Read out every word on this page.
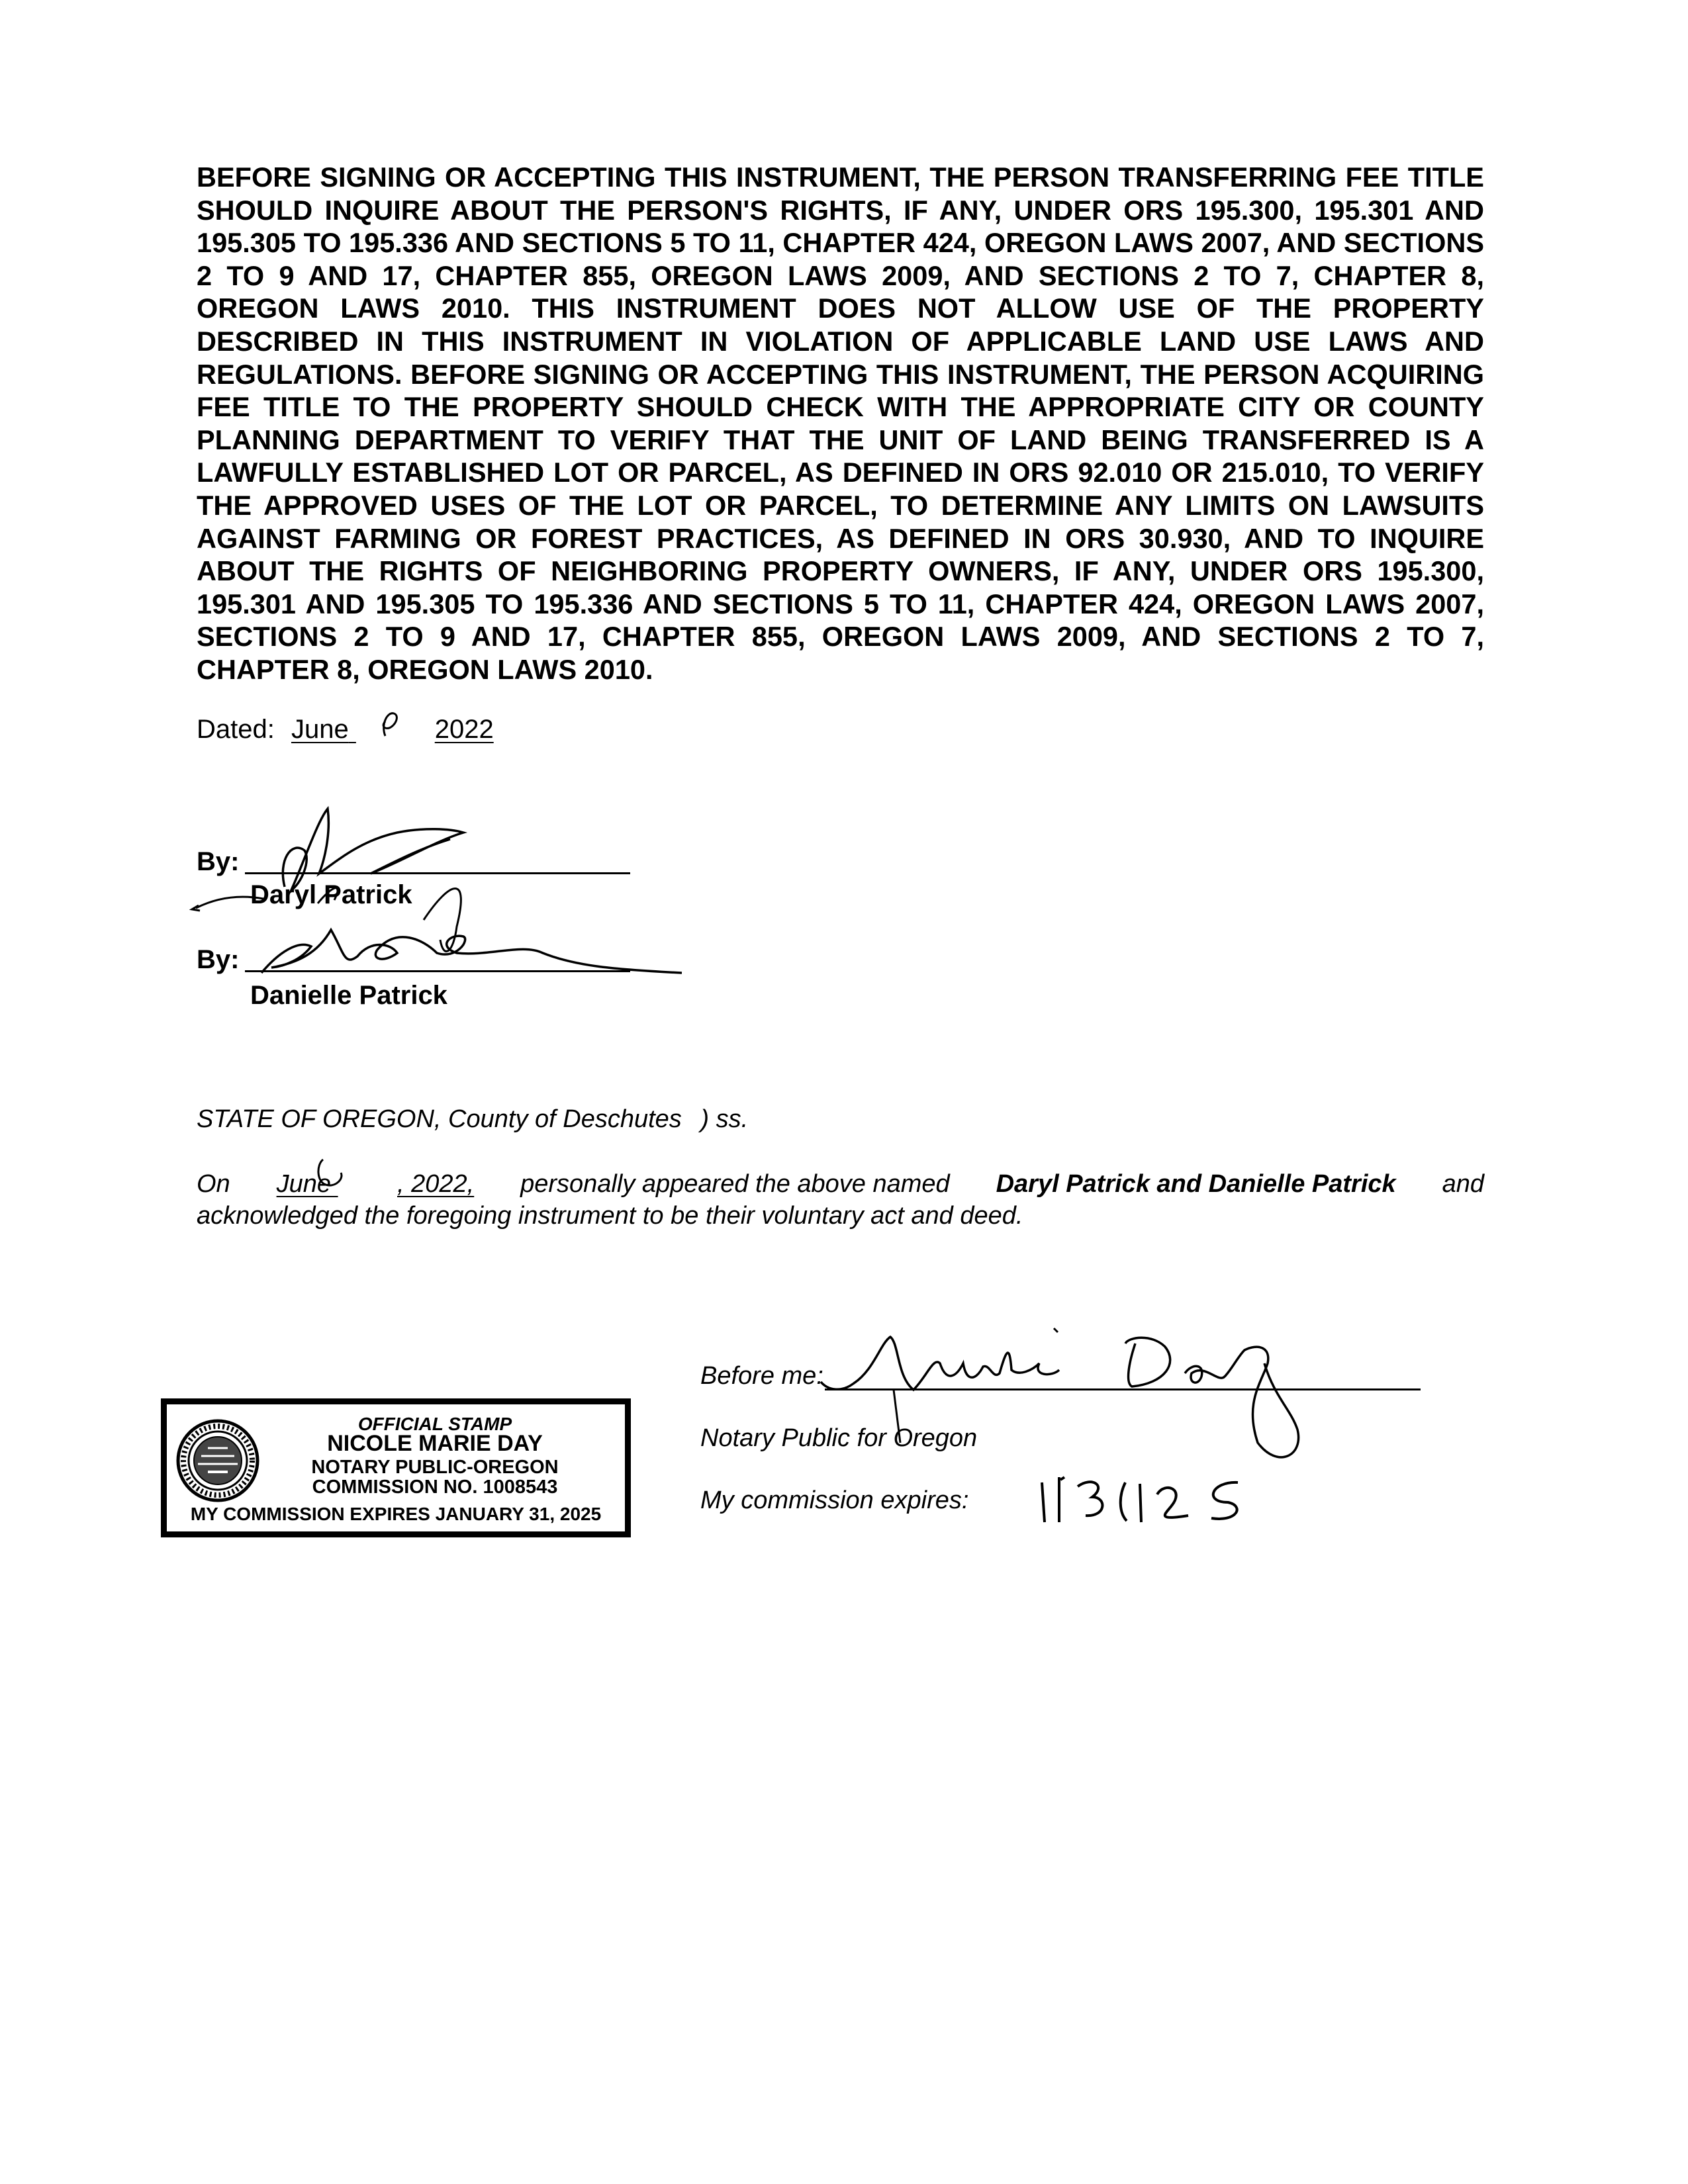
BEFORE SIGNING OR ACCEPTING THIS INSTRUMENT, THE PERSON TRANSFERRING FEE TITLE SHOULD INQUIRE ABOUT THE PERSON'S RIGHTS, IF ANY, UNDER ORS 195.300, 195.301 AND 195.305 TO 195.336 AND SECTIONS 5 TO 11, CHAPTER 424, OREGON LAWS 2007, AND SECTIONS 2 TO 9 AND 17, CHAPTER 855, OREGON LAWS 2009, AND SECTIONS 2 TO 7, CHAPTER 8, OREGON LAWS 2010. THIS INSTRUMENT DOES NOT ALLOW USE OF THE PROPERTY DESCRIBED IN THIS INSTRUMENT IN VIOLATION OF APPLICABLE LAND USE LAWS AND REGULATIONS. BEFORE SIGNING OR ACCEPTING THIS INSTRUMENT, THE PERSON ACQUIRING FEE TITLE TO THE PROPERTY SHOULD CHECK WITH THE APPROPRIATE CITY OR COUNTY PLANNING DEPARTMENT TO VERIFY THAT THE UNIT OF LAND BEING TRANSFERRED IS A LAWFULLY ESTABLISHED LOT OR PARCEL, AS DEFINED IN ORS 92.010 OR 215.010, TO VERIFY THE APPROVED USES OF THE LOT OR PARCEL, TO DETERMINE ANY LIMITS ON LAWSUITS AGAINST FARMING OR FOREST PRACTICES, AS DEFINED IN ORS 30.930, AND TO INQUIRE ABOUT THE RIGHTS OF NEIGHBORING PROPERTY OWNERS, IF ANY, UNDER ORS 195.300, 195.301 AND 195.305 TO 195.336 AND SECTIONS 5 TO 11, CHAPTER 424, OREGON LAWS 2007, SECTIONS 2 TO 9 AND 17, CHAPTER 855, OREGON LAWS 2009, AND SECTIONS 2 TO 7, CHAPTER 8, OREGON LAWS 2010.

Dated: June	2022
By:
Daryl Patrick
By:
Danielle Patrick
STATE OF OREGON, County of Deschutes ) ss.
On June	, 2022, personally appeared the above named Daryl Patrick and Danielle Patrick and
acknowledged the foregoing instrument to be their voluntary act and deed.
Before me:
Notary Public for Oregon
My commission expires:
OFFICIAL STAMP
NICOLE MARIE DAY
NOTARY PUBLIC-OREGON
COMMISSION NO. 1008543
MY COMMISSION EXPIRES JANUARY 31, 2025
